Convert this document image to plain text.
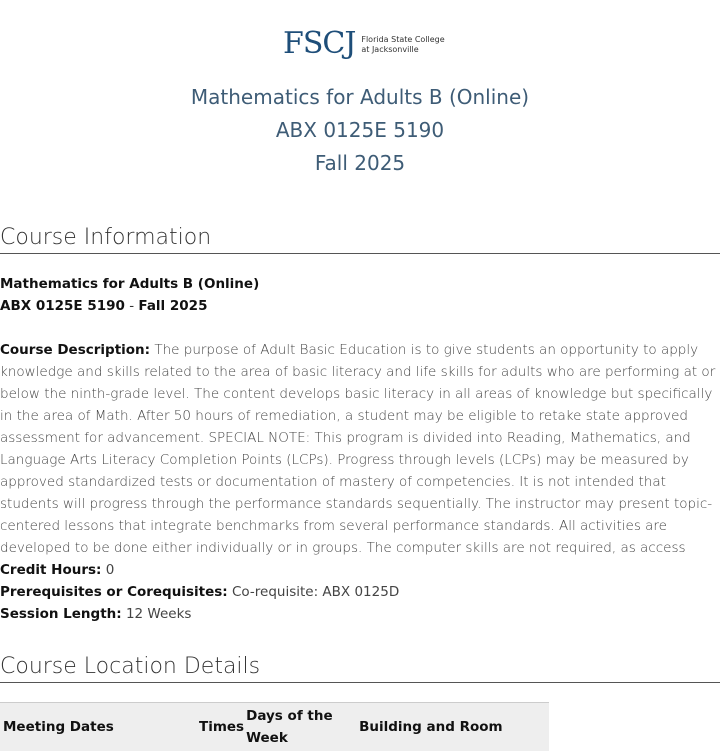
FSCJ Florida State College
at Jacksonville
Mathematics for Adults B (Online)
ABX 0125E 5190
Fall 2025
Course Information
Mathematics for Adults B (Online)
ABX 0125E 5190 - Fall 2025
Course Description: The purpose of Adult Basic Education is to give students an opportunity to apply knowledge and skills related to the area of basic literacy and life skills for adults who are performing at or below the ninth-grade level. The content develops basic literacy in all areas of knowledge but specifically in the area of Math. After 50 hours of remediation, a student may be eligible to retake state approved assessment for advancement. SPECIAL NOTE: This program is divided into Reading, Mathematics, and Language Arts Literacy Completion Points (LCPs). Progress through levels (LCPs) may be measured by approved standardized tests or documentation of mastery of competencies. It is not intended that students will progress through the performance standards sequentially. The instructor may present topic-centered lessons that integrate benchmarks from several performance standards. All activities are developed to be done either individually or in groups. The computer skills are not required, as access
Credit Hours: 0
Prerequisites or Corequisites: Co-requisite: ABX 0125D
Session Length: 12 Weeks
Course Location Details
Meeting Dates	Times	Days of the Week	Building and Room
